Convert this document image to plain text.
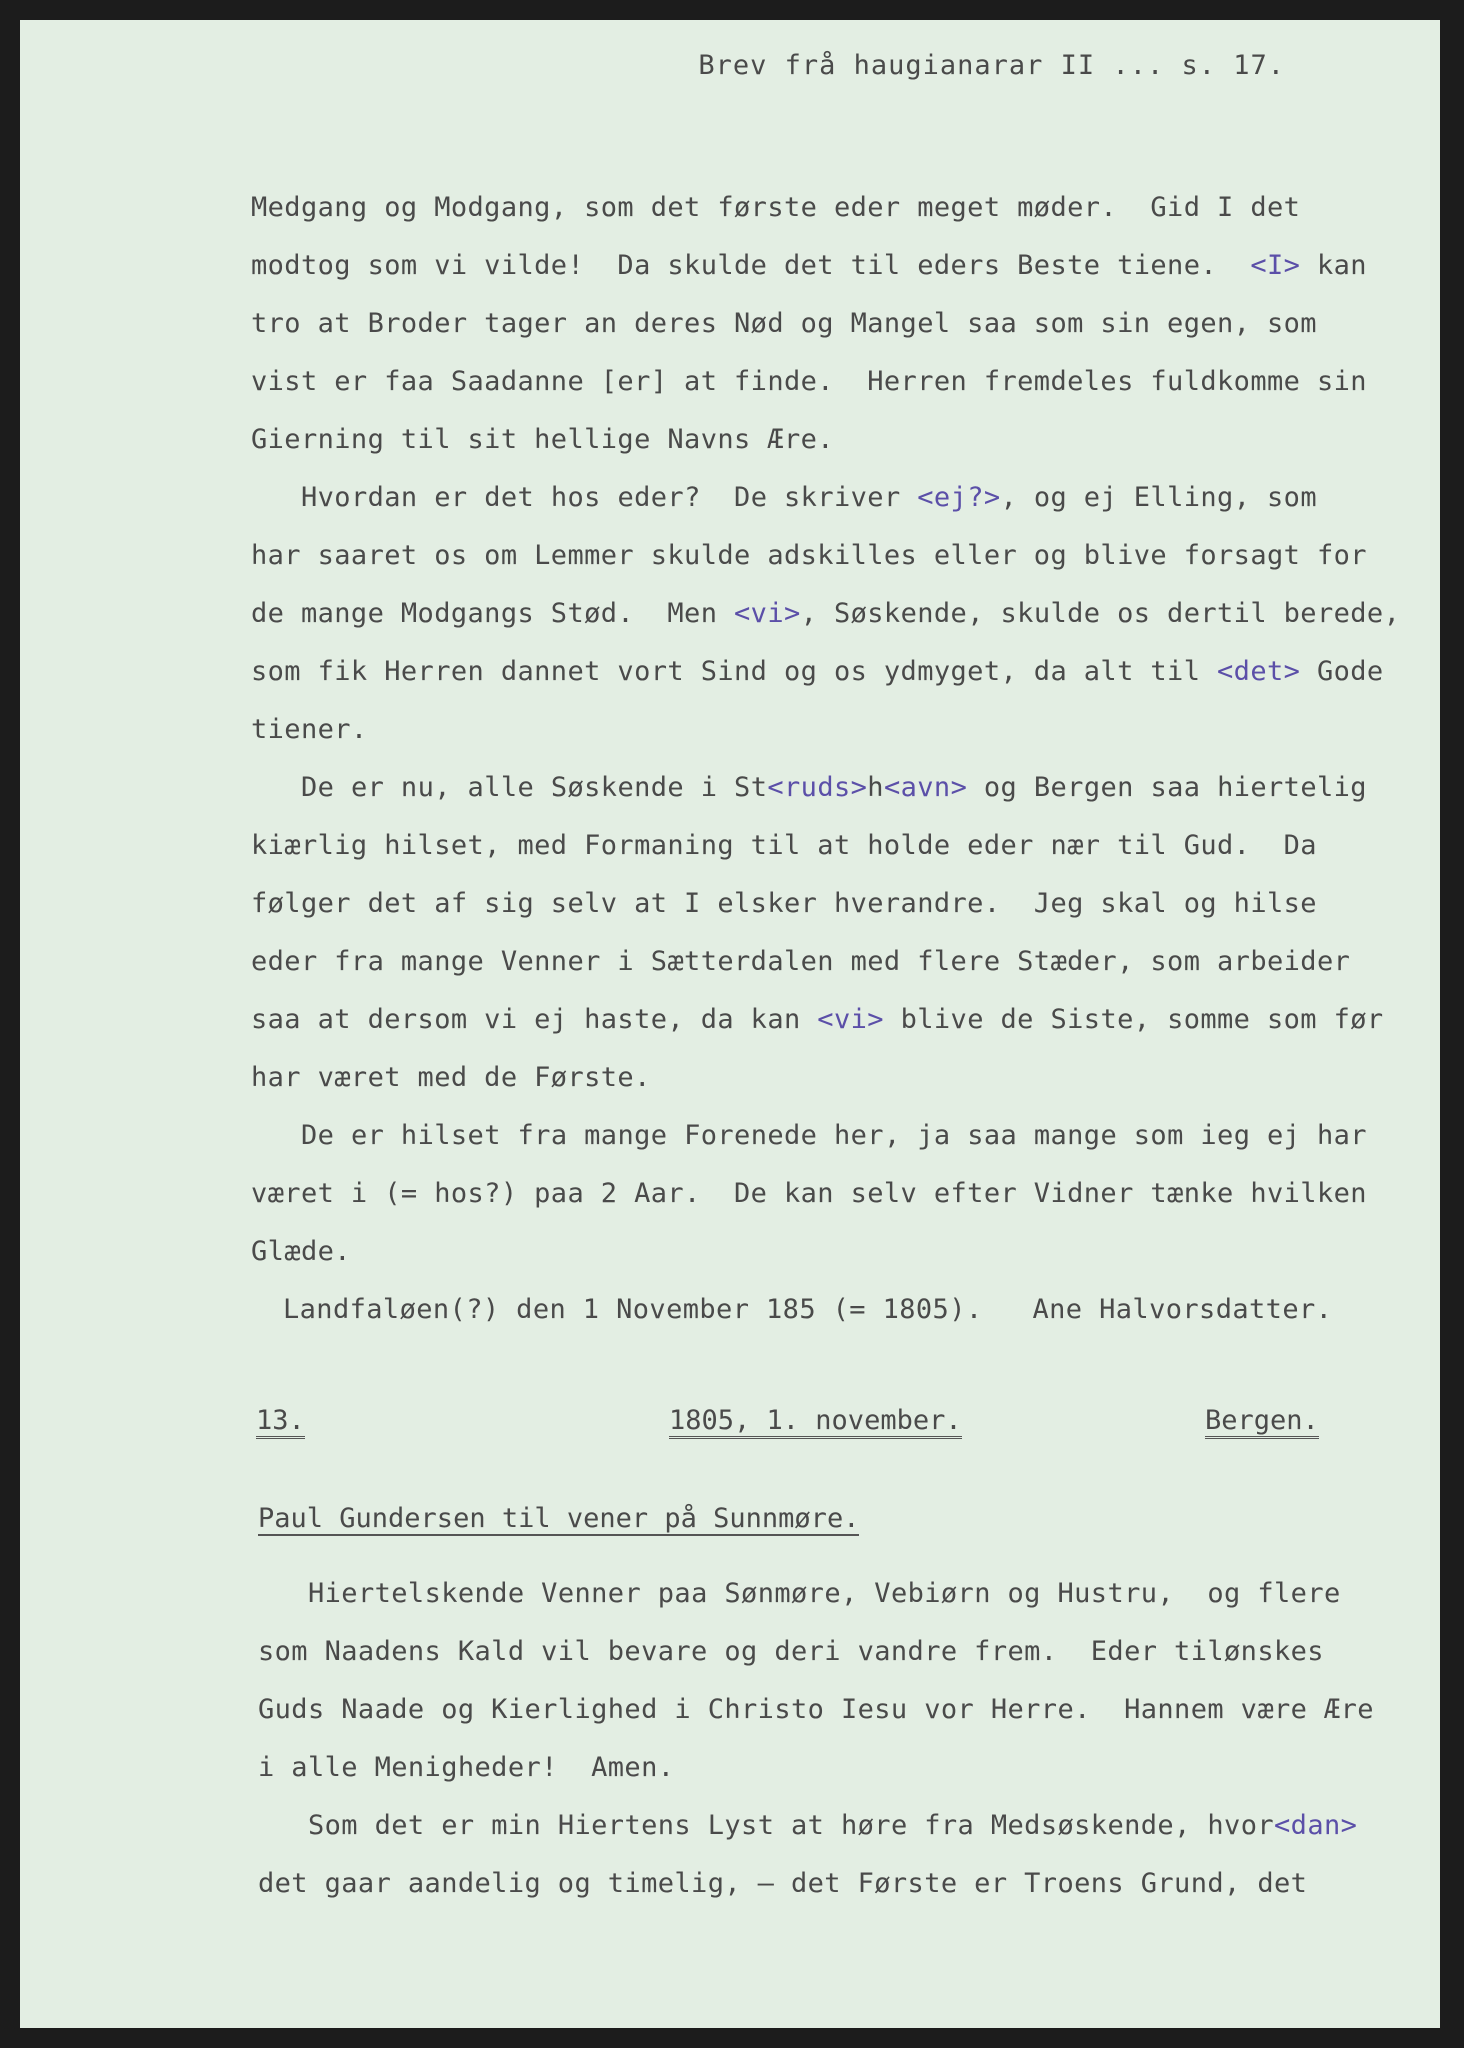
Brev frå haugianarar II ... s. 17.
Medgang og Modgang, som det første eder meget møder.  Gid I det
modtog som vi vilde!  Da skulde det til eders Beste tiene. <I> kan
tro at Broder tager an deres Nød og Mangel saa som sin egen, som
vist er faa Saadanne [er] at finde.  Herren fremdeles fuldkomme sin
Gierning til sit hellige Navns Ære.
Hvordan er det hos eder?  De skriver <ej?>, og ej Elling, som
har saaret os om Lemmer skulde adskilles eller og blive forsagt for
de mange Modgangs Stød.  Men <vi>, Søskende, skulde os dertil berede,
som fik Herren dannet vort Sind og os ydmyget, da alt til <det> Gode
tiener.
De er nu, alle Søskende i St<ruds>h<avn> og Bergen saa hiertelig
kiærlig hilset, med Formaning til at holde eder nær til Gud.  Da
følger det af sig selv at I elsker hverandre.  Jeg skal og hilse
eder fra mange Venner i Sætterdalen med flere Stæder, som arbeider
saa at dersom vi ej haste, da kan <vi> blive de Siste, somme som før
har været med de Første.
De er hilset fra mange Forenede her, ja saa mange som ieg ej har
været i (= hos?) paa 2 Aar.  De kan selv efter Vidner tænke hvilken
Glæde.
Landfaløen(?) den 1 November 185 (= 1805).   Ane Halvorsdatter.
13.	1805, 1. november.	Bergen.
Paul Gundersen til vener på Sunnmøre.
Hiertelskende Venner paa Sønmøre, Vebiørn og Hustru,  og flere
som Naadens Kald vil bevare og deri vandre frem.  Eder tilønskes
Guds Naade og Kierlighed i Christo Iesu vor Herre.  Hannem være Ære
i alle Menigheder!  Amen.
Som det er min Hiertens Lyst at høre fra Medsøskende, hvor<dan>
det gaar aandelig og timelig, — det Første er Troens Grund, det
